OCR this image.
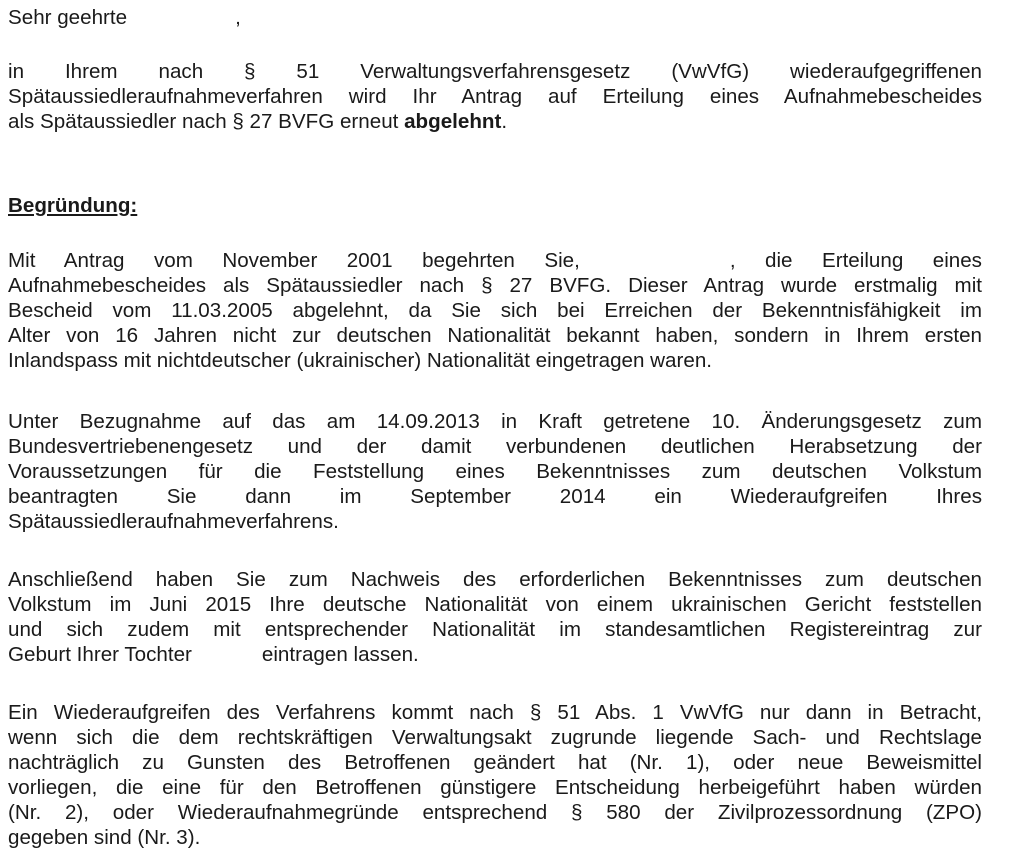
Sehr geehrte	,
in Ihrem nach § 51 Verwaltungsverfahrensgesetz (VwVfG) wiederaufgegriffenen
Spätaussiedleraufnahmeverfahren wird Ihr Antrag auf Erteilung eines Aufnahmebescheides
als Spätaussiedler nach § 27 BVFG erneut abgelehnt.
Begründung:
Mit Antrag vom November 2001 begehrten Sie,	, die Erteilung eines
Aufnahmebescheides als Spätaussiedler nach § 27 BVFG. Dieser Antrag wurde erstmalig mit
Bescheid vom 11.03.2005 abgelehnt, da Sie sich bei Erreichen der Bekenntnisfähigkeit im
Alter von 16 Jahren nicht zur deutschen Nationalität bekannt haben, sondern in Ihrem ersten
Inlandspass mit nichtdeutscher (ukrainischer) Nationalität eingetragen waren.
Unter Bezugnahme auf das am 14.09.2013 in Kraft getretene 10. Änderungsgesetz zum
Bundesvertriebenengesetz und der damit verbundenen deutlichen Herabsetzung der
Voraussetzungen für die Feststellung eines Bekenntnisses zum deutschen Volkstum
beantragten Sie dann im September 2014 ein Wiederaufgreifen Ihres
Spätaussiedleraufnahmeverfahrens.
Anschließend haben Sie zum Nachweis des erforderlichen Bekenntnisses zum deutschen
Volkstum im Juni 2015 Ihre deutsche Nationalität von einem ukrainischen Gericht feststellen
und sich zudem mit entsprechender Nationalität im standesamtlichen Registereintrag zur
Geburt Ihrer Tochter	eintragen lassen.
Ein Wiederaufgreifen des Verfahrens kommt nach § 51 Abs. 1 VwVfG nur dann in Betracht,
wenn sich die dem rechtskräftigen Verwaltungsakt zugrunde liegende Sach- und Rechtslage
nachträglich zu Gunsten des Betroffenen geändert hat (Nr. 1), oder neue Beweismittel
vorliegen, die eine für den Betroffenen günstigere Entscheidung herbeigeführt haben würden
(Nr. 2), oder Wiederaufnahmegründe entsprechend § 580 der Zivilprozessordnung (ZPO)
gegeben sind (Nr. 3).
